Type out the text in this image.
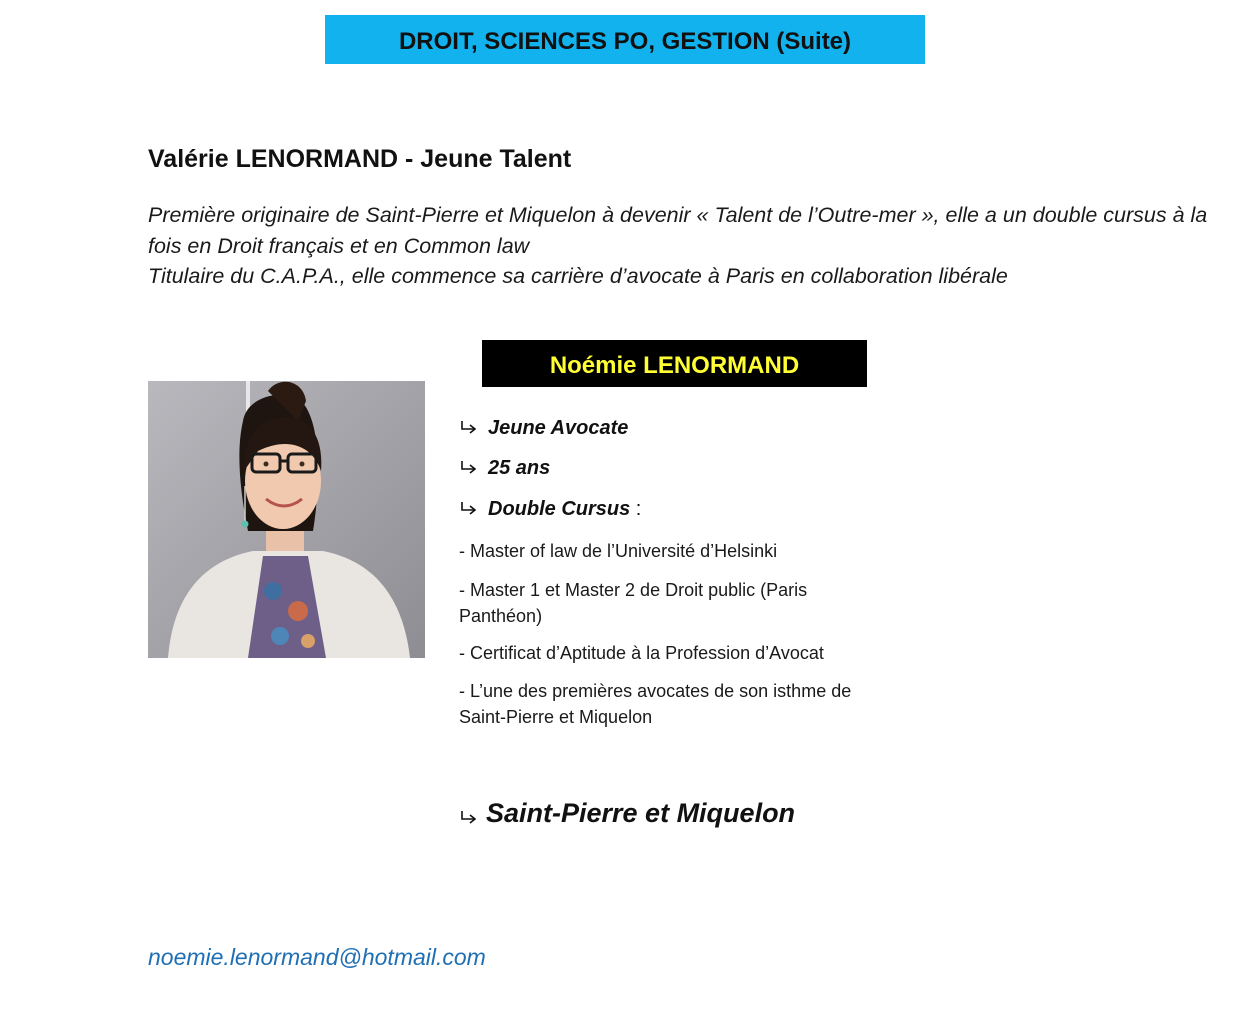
DROIT, SCIENCES PO, GESTION (Suite)
Valérie LENORMAND - Jeune Talent

Première originaire de Saint-Pierre et Miquelon à devenir « Talent de l’Outre-mer », elle a un double cursus à la fois en Droit français et en Common law

Titulaire du C.A.P.A., elle commence sa carrière d’avocate à Paris en collaboration libérale

Noémie LENORMAND
Jeune Avocate
25 ans
Double Cursus :
- Master of law de l’Université d’Helsinki
- Master 1 et Master 2 de Droit public (Paris Panthéon)
- Certificat d’Aptitude à la Profession d’Avocat
- L’une des premières avocates de son isthme de Saint-Pierre et Miquelon
Saint-Pierre et Miquelon
noemie.lenormand@hotmail.com
